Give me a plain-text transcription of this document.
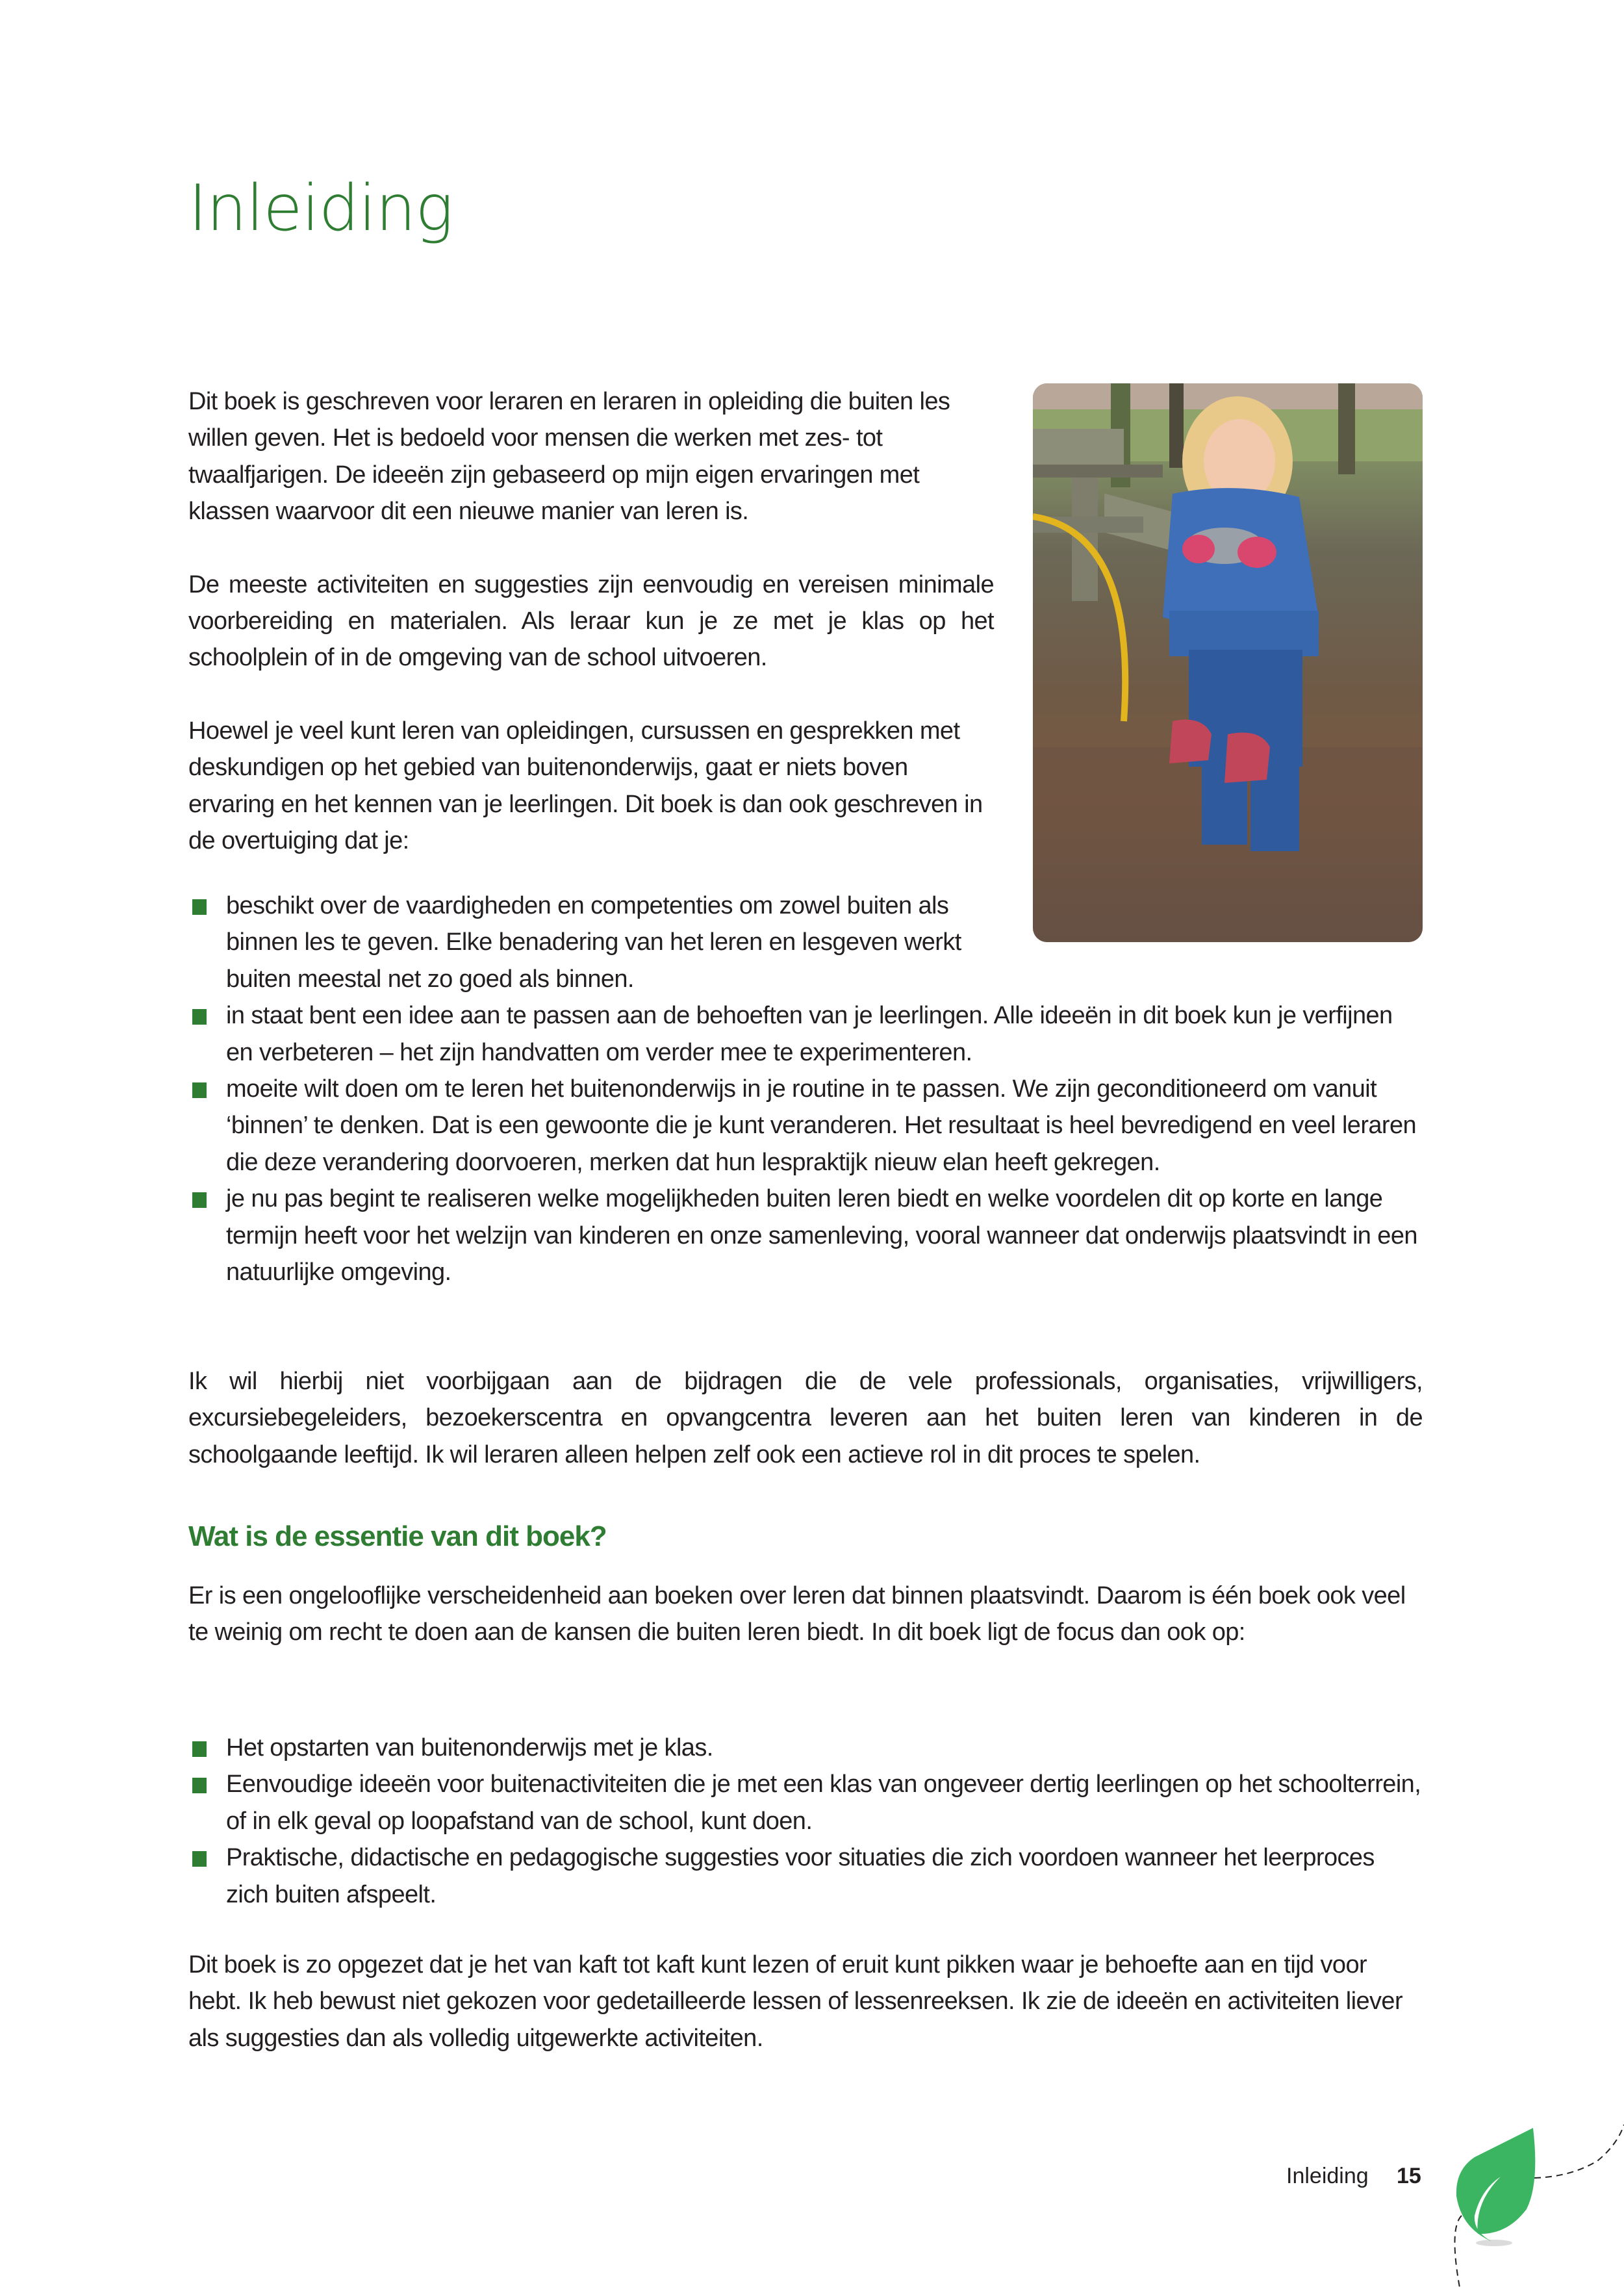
Inleiding

Dit boek is geschreven voor leraren en leraren in opleiding die buiten les willen geven. Het is bedoeld voor mensen die werken met zes- tot twaalfjarigen. De ideeën zijn gebaseerd op mijn eigen ervaringen met klassen waarvoor dit een nieuwe manier van leren is.

De meeste activiteiten en suggesties zijn eenvoudig en vereisen minimale voorbereiding en materialen. Als leraar kun je ze met je klas op het schoolplein of in de omgeving van de school uitvoeren.

Hoewel je veel kunt leren van opleidingen, cursussen en gesprekken met deskundigen op het gebied van buitenonderwijs, gaat er niets boven ervaring en het kennen van je leerlingen. Dit boek is dan ook geschreven in de overtuiging dat je:

beschikt over de vaardigheden en competenties om zowel buiten als binnen les te geven. Elke benadering van het leren en lesgeven werkt buiten meestal net zo goed als binnen.
in staat bent een idee aan te passen aan de behoeften van je leerlingen. Alle ideeën in dit boek kun je verfijnen en verbeteren – het zijn handvatten om verder mee te experimenteren.
moeite wilt doen om te leren het buitenonderwijs in je routine in te passen. We zijn geconditioneerd om vanuit ‘binnen’ te denken. Dat is een gewoonte die je kunt veranderen. Het resultaat is heel bevredigend en veel leraren die deze verandering doorvoeren, merken dat hun lespraktijk nieuw elan heeft gekregen.
je nu pas begint te realiseren welke mogelijkheden buiten leren biedt en welke voordelen dit op korte en lange termijn heeft voor het welzijn van kinderen en onze samenleving, vooral wanneer dat onderwijs plaatsvindt in een natuurlijke omgeving.

Ik wil hierbij niet voorbijgaan aan de bijdragen die de vele professionals, organisaties, vrijwilligers, excursiebegeleiders, bezoekerscentra en opvangcentra leveren aan het buiten leren van kinderen in de schoolgaande leeftijd. Ik wil leraren alleen helpen zelf ook een actieve rol in dit proces te spelen.

Wat is de essentie van dit boek?

Er is een ongelooflijke verscheidenheid aan boeken over leren dat binnen plaatsvindt. Daarom is één boek ook veel te weinig om recht te doen aan de kansen die buiten leren biedt. In dit boek ligt de focus dan ook op:

Het opstarten van buitenonderwijs met je klas.
Eenvoudige ideeën voor buitenactiviteiten die je met een klas van ongeveer dertig leerlingen op het schoolterrein, of in elk geval op loopafstand van de school, kunt doen.
Praktische, didactische en pedagogische suggesties voor situaties die zich voordoen wanneer het leerproces zich buiten afspeelt.

Dit boek is zo opgezet dat je het van kaft tot kaft kunt lezen of eruit kunt pikken waar je behoefte aan en tijd voor hebt. Ik heb bewust niet gekozen voor gedetailleerde lessen of lessenreeksen. Ik zie de ideeën en activiteiten liever als suggesties dan als volledig uitgewerkte activiteiten.

Inleiding 15
